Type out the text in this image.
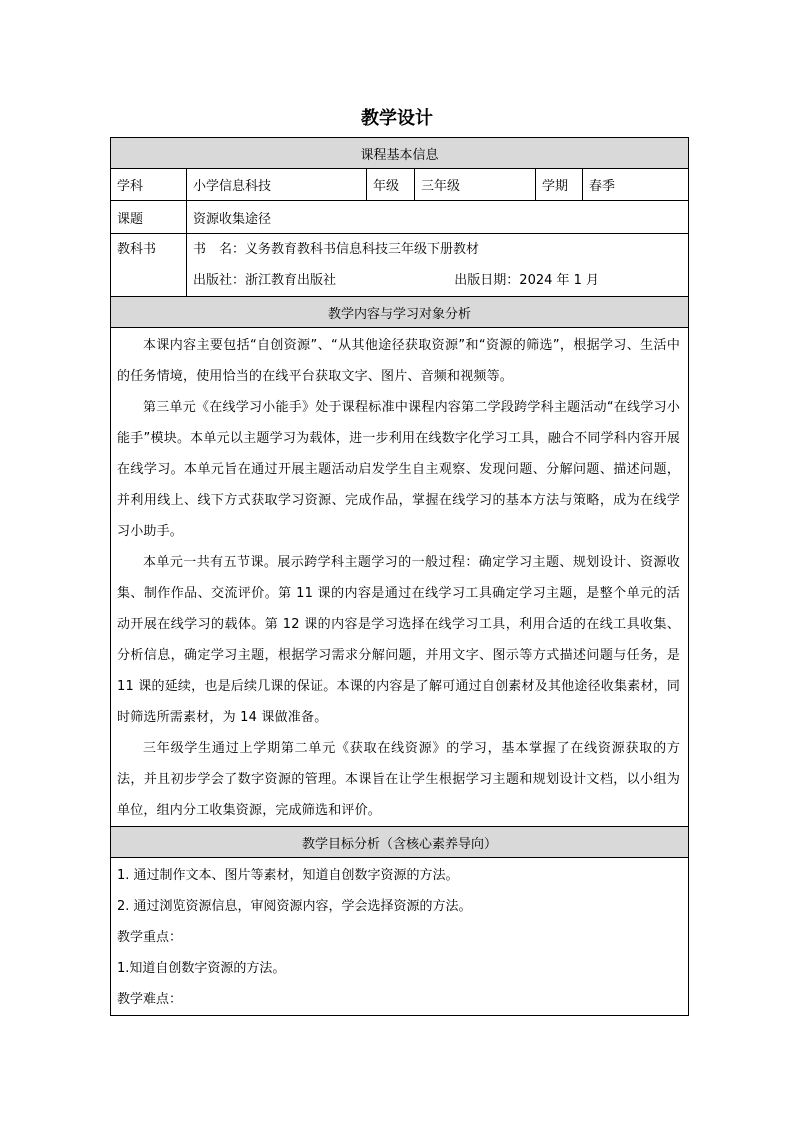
教学设计
课程基本信息					
学科	小学信息科技	年级	三年级	学期	春季
课题	资源收集途径				

教科书	书　名：义务教育教科书信息科技三年级下册教材
出版社：浙江教育出版社 出版日期：2024 年 1 月				

教学内容与学习对象分析					

本课内容主要包括“自创资源”、“从其他途径获取资源”和“资源的筛选”，根据学习、生活中的任务情境，使用恰当的在线平台获取文字、图片、音频和视频等。

第三单元《在线学习小能手》处于课程标准中课程内容第二学段跨学科主题活动“在线学习小能手”模块。本单元以主题学习为载体，进一步利用在线数字化学习工具，融合不同学科内容开展在线学习。本单元旨在通过开展主题活动启发学生自主观察、发现问题、分解问题、描述问题，并利用线上、线下方式获取学习资源、完成作品，掌握在线学习的基本方法与策略，成为在线学习小助手。

本单元一共有五节课。展示跨学科主题学习的一般过程：确定学习主题、规划设计、资源收集、制作作品、交流评价。第 11 课的内容是通过在线学习工具确定学习主题，是整个单元的活动开展在线学习的载体。第 12 课的内容是学习选择在线学习工具，利用合适的在线工具收集、分析信息，确定学习主题，根据学习需求分解问题，并用文字、图示等方式描述问题与任务，是 11 课的延续，也是后续几课的保证。本课的内容是了解可通过自创素材及其他途径收集素材，同时筛选所需素材，为 14 课做准备。

三年级学生通过上学期第二单元《获取在线资源》的学习，基本掌握了在线资源获取的方法，并且初步学会了数字资源的管理。本课旨在让学生根据学习主题和规划设计文档，以小组为单位，组内分工收集资源，完成筛选和评价。					

教学目标分析（含核心素养导向）					

1. 通过制作文本、图片等素材，知道自创数字资源的方法。

2. 通过浏览资源信息，审阅资源内容，学会选择资源的方法。

教学重点：

1.知道自创数字资源的方法。

教学难点：					
